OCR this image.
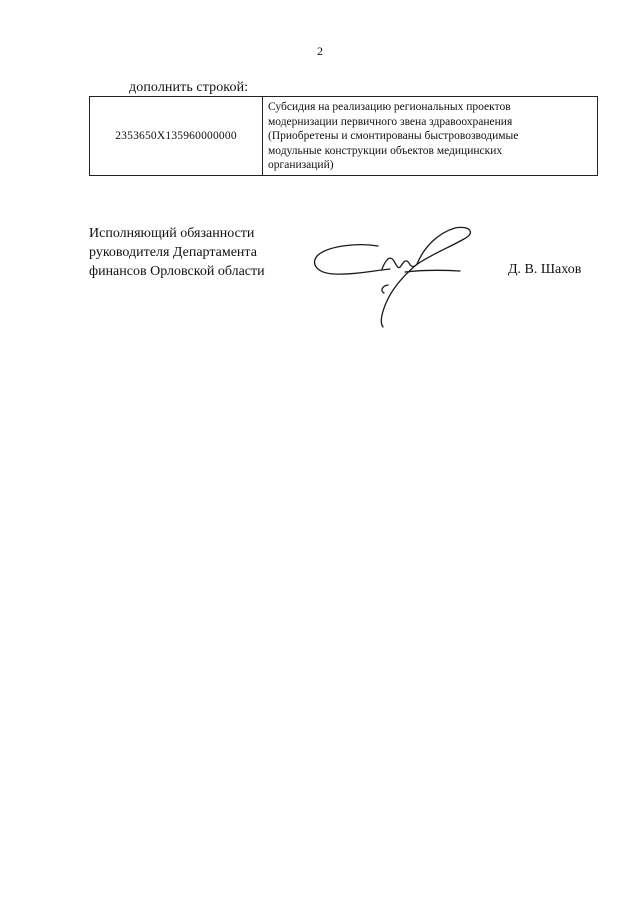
2
дополнить строкой:
2353650X135960000000	Субсидия на реализацию региональных проектов
модернизации первичного звена здравоохранения
(Приобретены и смонтированы быстровозводимые
модульные конструкции объектов медицинских
организаций)
Исполняющий обязанности
руководителя Департамента
финансов Орловской области	Д. В. Шахов
